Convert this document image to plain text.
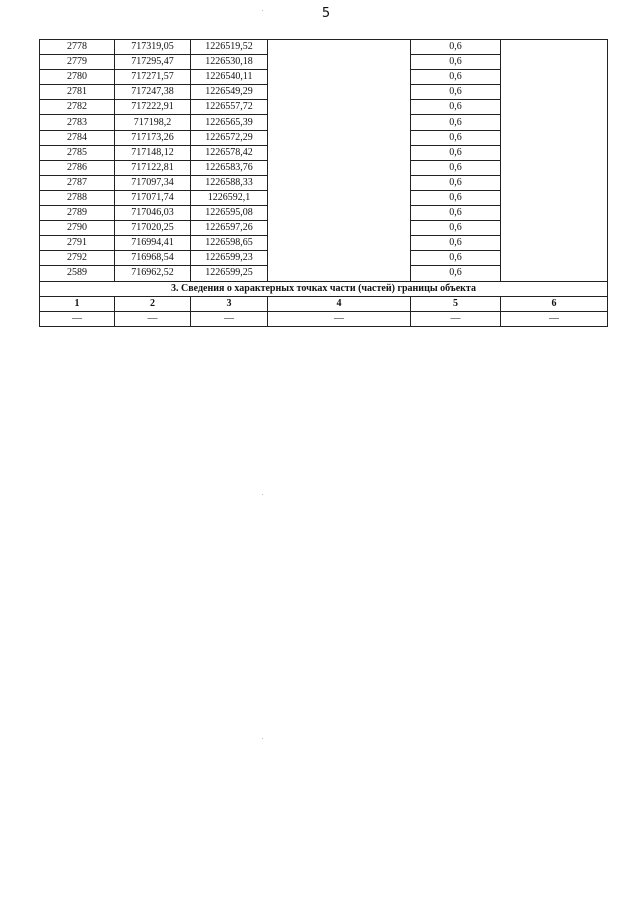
5
2778	717319,05	1226519,52		0,6	
2779	717295,47	1226530,18		0,6	
2780	717271,57	1226540,11		0,6	
2781	717247,38	1226549,29		0,6	
2782	717222,91	1226557,72		0,6	
2783	717198,2	1226565,39		0,6	
2784	717173,26	1226572,29		0,6	
2785	717148,12	1226578,42		0,6	
2786	717122,81	1226583,76		0,6	
2787	717097,34	1226588,33		0,6	
2788	717071,74	1226592,1		0,6	
2789	717046,03	1226595,08		0,6	
2790	717020,25	1226597,26		0,6	
2791	716994,41	1226598,65		0,6	
2792	716968,54	1226599,23		0,6	
2589	716962,52	1226599,25		0,6	
3. Сведения о характерных точках части (частей) границы объекта					
1	2	3	4	5	6
—	—	—	—	—	—
